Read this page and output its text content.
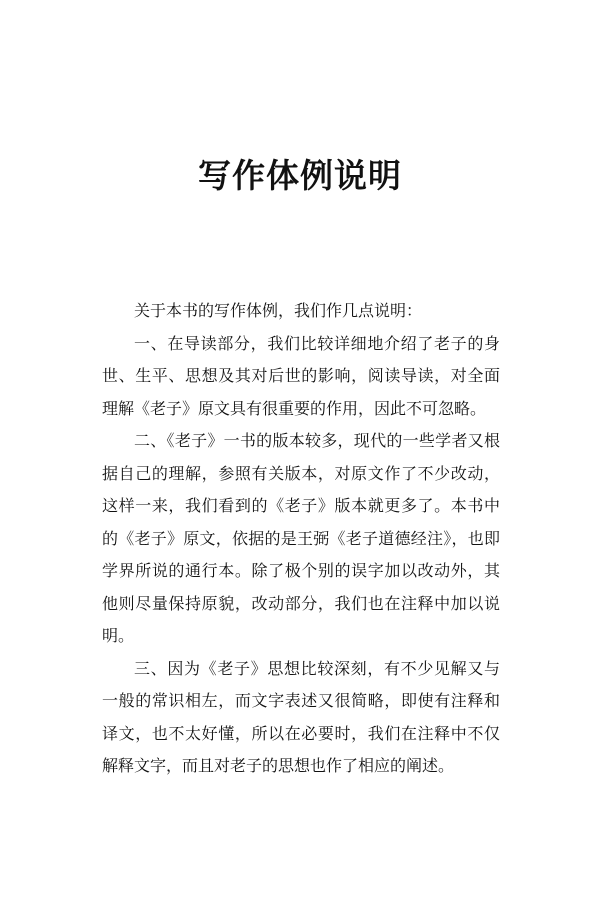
写作体例说明

关于本书的写作体例，我们作几点说明：

一、在导读部分，我们比较详细地介绍了老子的身世、生平、思想及其对后世的影响，阅读导读，对全面理解《老子》原文具有很重要的作用，因此不可忽略。

二、《老子》一书的版本较多，现代的一些学者又根据自己的理解，参照有关版本，对原文作了不少改动，这样一来，我们看到的《老子》版本就更多了。本书中的《老子》原文，依据的是王弼《老子道德经注》，也即学界所说的通行本。除了极个别的误字加以改动外，其他则尽量保持原貌，改动部分，我们也在注释中加以说明。

三、因为《老子》思想比较深刻，有不少见解又与一般的常识相左，而文字表述又很简略，即使有注释和译文，也不太好懂，所以在必要时，我们在注释中不仅解释文字，而且对老子的思想也作了相应的阐述。
